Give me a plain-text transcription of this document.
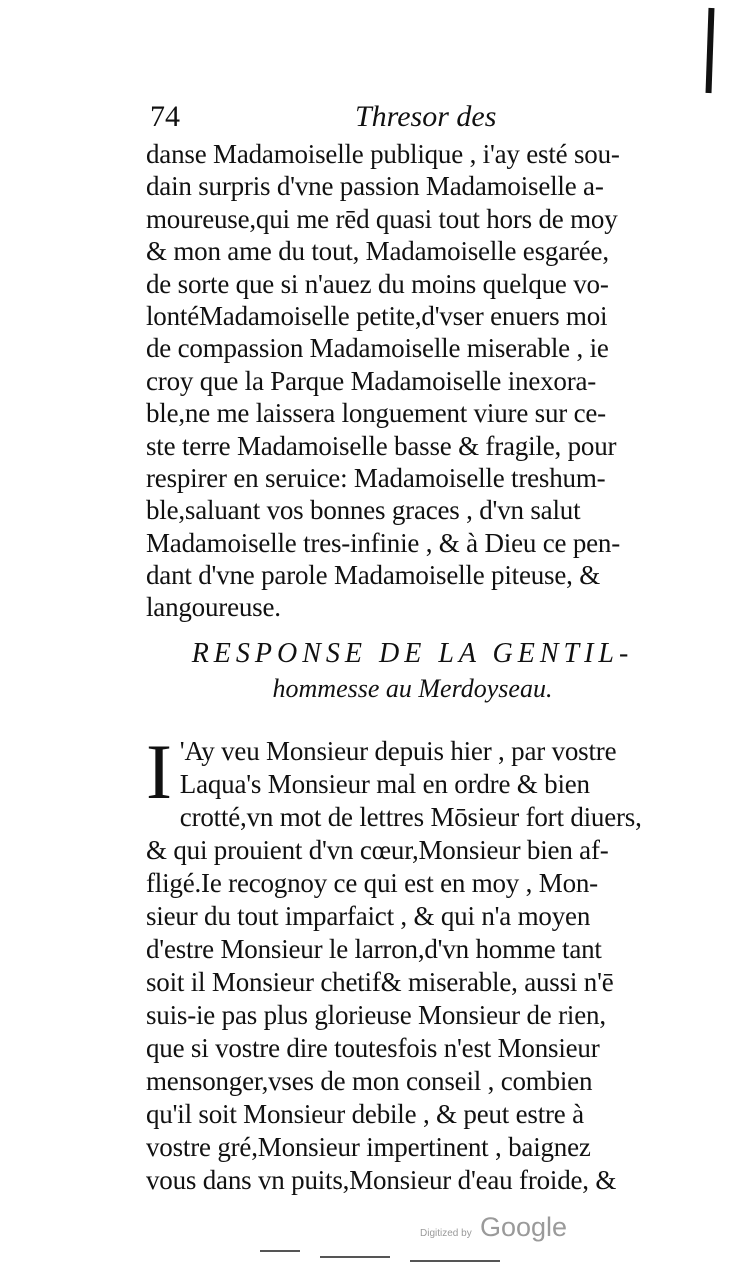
74	Thresor des
danse Madamoiselle publique , i'ay esté sou-
dain surpris d'vne passion Madamoiselle a-
moureuse,qui me rēd quasi tout hors de moy
& mon ame du tout, Madamoiselle esgarée,
de sorte que si n'auez du moins quelque vo-
lontéMadamoiselle petite,d'vser enuers moi
de compassion Madamoiselle miserable , ie
croy que la Parque Madamoiselle inexora-
ble,ne me laissera longuement viure sur ce-
ste terre Madamoiselle basse & fragile, pour
respirer en seruice: Madamoiselle treshum-
ble,saluant vos bonnes graces , d'vn salut
Madamoiselle tres-infinie , & à Dieu ce pen-
dant d'vne parole Madamoiselle piteuse, &
langoureuse.
RESPONSE DE LA GENTIL-
hommesse au Merdoyseau.
I 'Ay veu Monsieur depuis hier , par vostre
Laqua's Monsieur mal en ordre & bien
crotté,vn mot de lettres Mōsieur fort diuers,
& qui prouient d'vn cœur,Monsieur bien af-
fligé.Ie recognoy ce qui est en moy , Mon-
sieur du tout imparfaict , & qui n'a moyen
d'estre Monsieur le larron,d'vn homme tant
soit il Monsieur chetif& miserable, aussi n'ē
suis-ie pas plus glorieuse Monsieur de rien,
que si vostre dire toutesfois n'est Monsieur
mensonger,vses de mon conseil , combien
qu'il soit Monsieur debile , & peut estre à
vostre gré,Monsieur impertinent , baignez
vous dans vn puits,Monsieur d'eau froide, &
Digitized by Google
